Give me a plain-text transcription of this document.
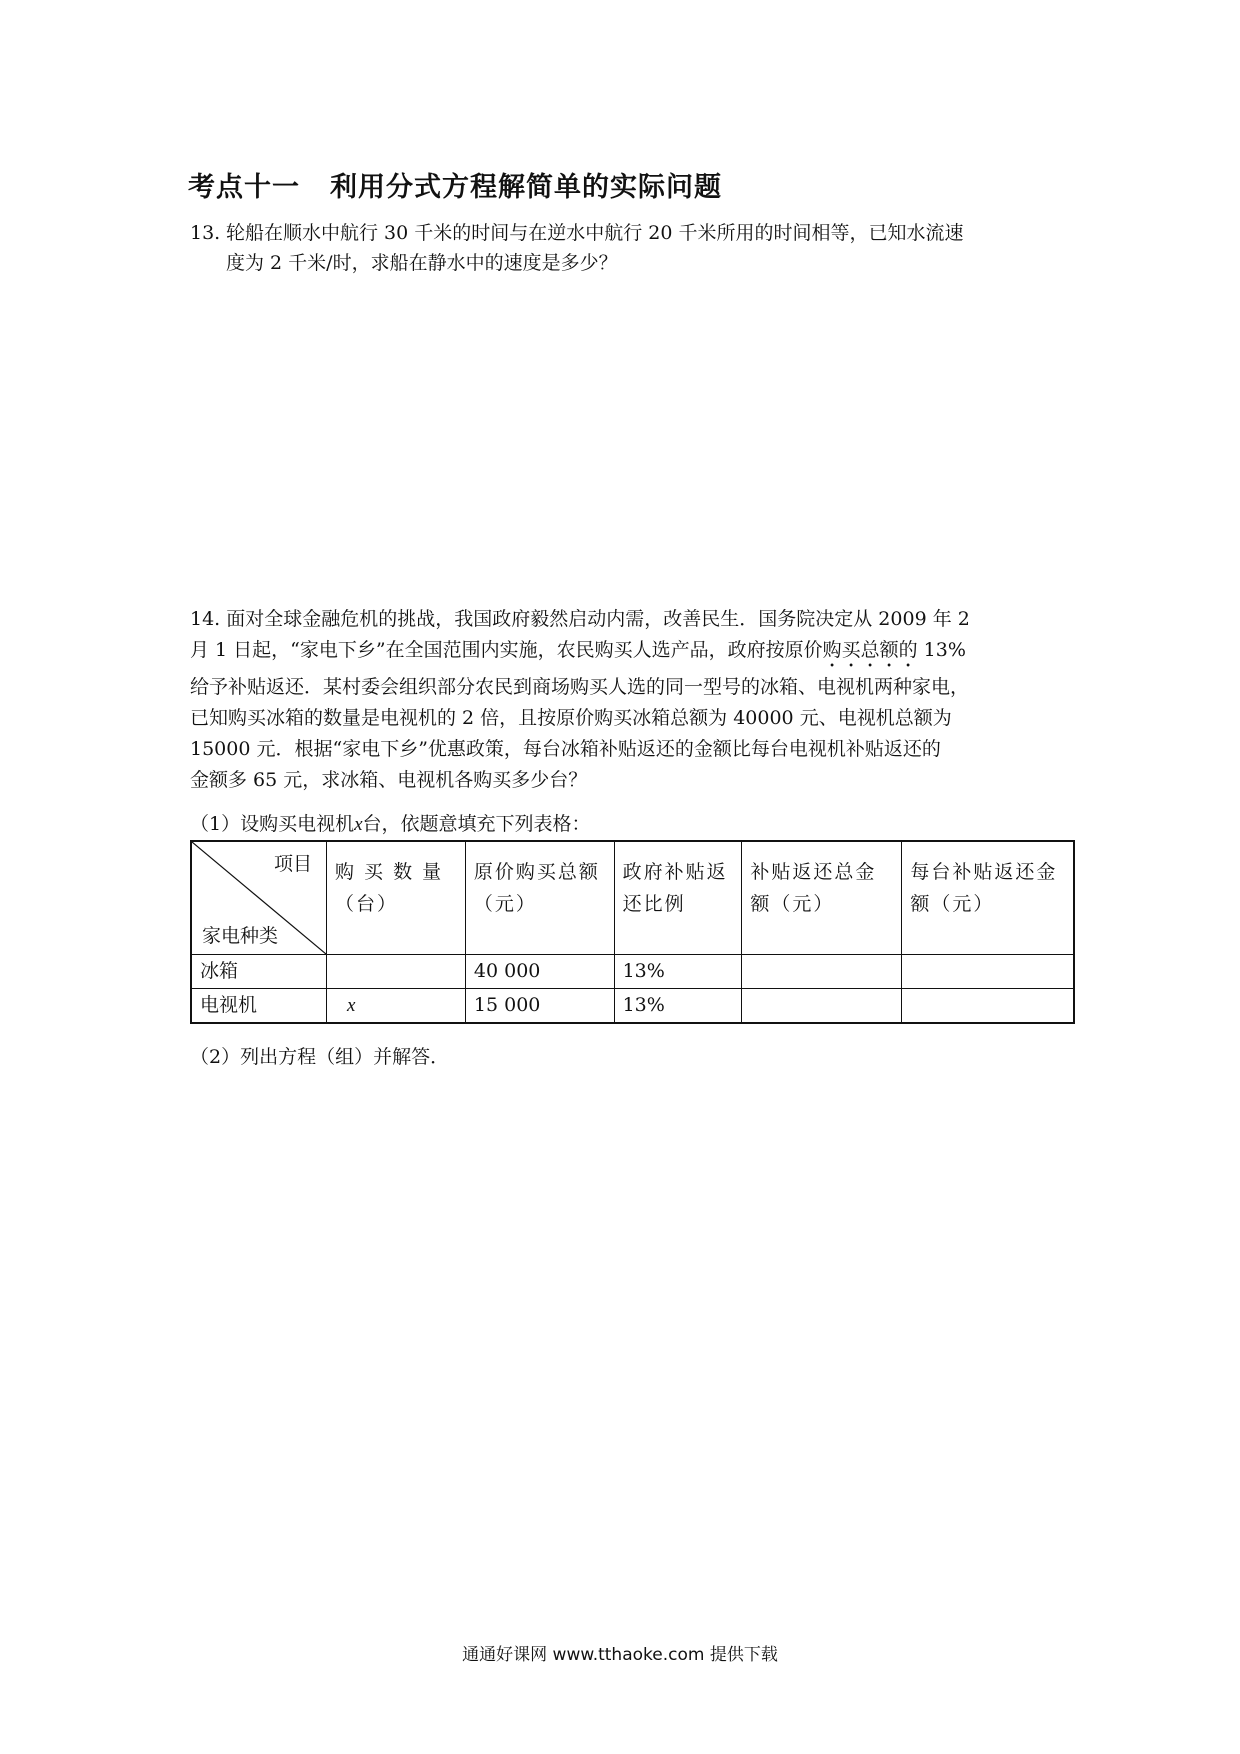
考点十一 利用分式方程解简单的实际问题
13. 轮船在顺水中航行 30 千米的时间与在逆水中航行 20 千米所用的时间相等，已知水流速
度为 2 千米/时，求船在静水中的速度是多少？

14. 面对全球金融危机的挑战，我国政府毅然启动内需，改善民生．国务院决定从 2009 年 2

月 1 日起，“家电下乡”在全国范围内实施，农民购买人选产品，政府按原价购买总额的 13%

给予补贴返还．某村委会组织部分农民到商场购买人选的同一型号的冰箱、电视机两种家电，

已知购买冰箱的数量是电视机的 2 倍，且按原价购买冰箱总额为 40000 元、电视机总额为

15000 元．根据“家电下乡”优惠政策，每台冰箱补贴返还的金额比每台电视机补贴返还的

金额多 65 元，求冰箱、电视机各购买多少台？

（1）设购买电视机x台，依题意填充下列表格：
项目
家电种类	购 买 数 量（台）	原价购买总额（元）	政府补贴返还比例	补贴返还总金额（元）	每台补贴返还金额（元）
冰箱		40 000	13%		
电视机	x	15 000	13%		
（2）列出方程（组）并解答．
通通好课网 www.tthaoke.com 提供下载
